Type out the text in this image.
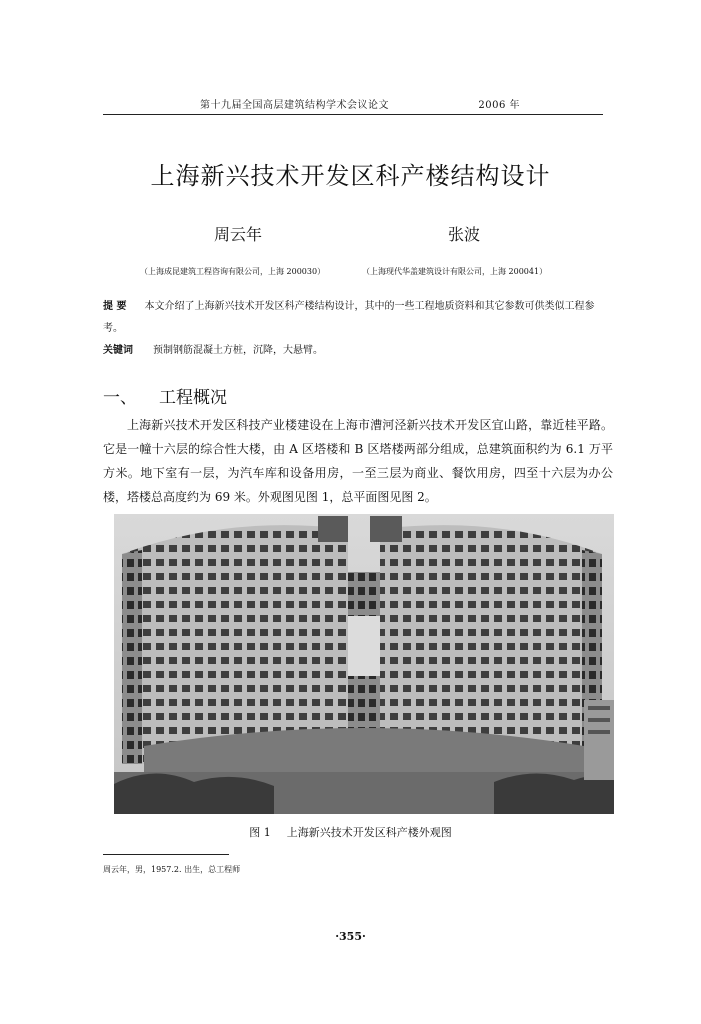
第十九届全国高层建筑结构学术会议论文	2006 年
上海新兴技术开发区科产楼结构设计
周云年	张波
（上海成昆建筑工程咨询有限公司，上海 200030）	（上海现代华盖建筑设计有限公司，上海 200041）
提 要 本文介绍了上海新兴技术开发区科产楼结构设计，其中的一些工程地质资料和其它参数可供类似工程参考。
关键词 预制钢筋混凝土方桩，沉降，大悬臂。
一、 工程概况
上海新兴技术开发区科技产业楼建设在上海市漕河泾新兴技术开发区宜山路，靠近桂平路。它是一幢十六层的综合性大楼，由 A 区塔楼和 B 区塔楼两部分组成，总建筑面积约为 6.1 万平方米。地下室有一层，为汽车库和设备用房，一至三层为商业、餐饮用房，四至十六层为办公楼，塔楼总高度约为 69 米。外观图见图 1，总平面图见图 2。
图 1 上海新兴技术开发区科产楼外观图
周云年，男，1957.2. 出生，总工程师
·355·
